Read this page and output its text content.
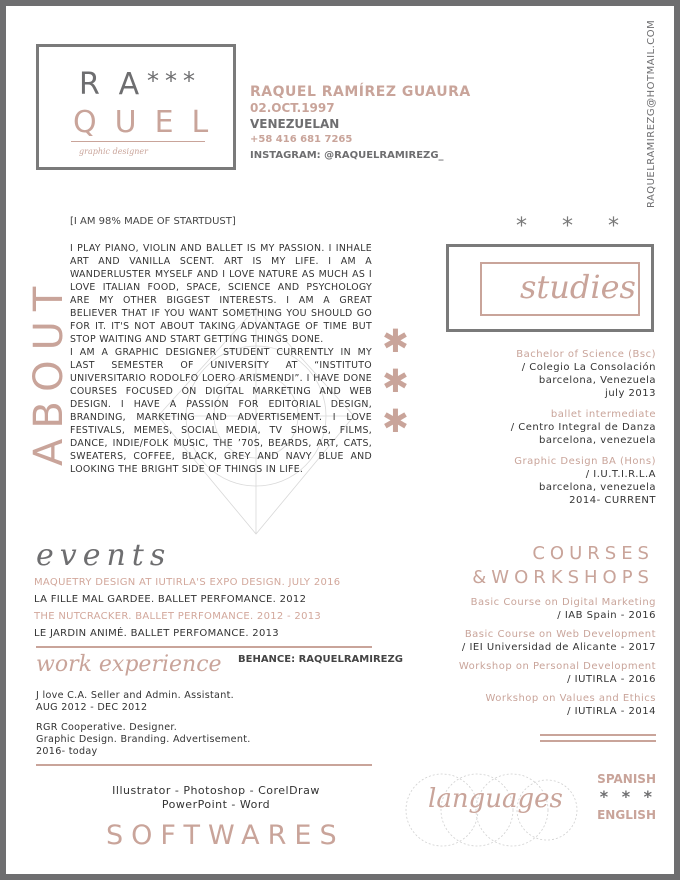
RA
***
QUEL
graphic designer
RAQUEL RAMÍREZ GUAURA
02.OCT.1997
VENEZUELAN
+58 416 681 7265
INSTAGRAM: @RAQUELRAMIREZG_	RAQUELRAMIREZG@HOTMAIL.COM
ABOUT
[I AM 98% MADE OF STARTDUST]
I PLAY PIANO, VIOLIN AND BALLET IS MY PASSION. I INHALE ART AND VANILLA SCENT. ART IS MY LIFE. I AM A WANDERLUSTER MYSELF AND I LOVE NATURE AS MUCH AS I LOVE ITALIAN FOOD, SPACE, SCIENCE AND PSYCHOLOGY ARE MY OTHER BIGGEST INTERESTS. I AM A GREAT BELIEVER THAT IF YOU WANT SOMETHING YOU SHOULD GO FOR IT. IT'S NOT ABOUT TAKING ADVANTAGE OF TIME BUT STOP WAITING AND START GETTING THINGS DONE.
I AM A GRAPHIC DESIGNER STUDENT CURRENTLY IN MY LAST SEMESTER OF UNIVERSITY AT “INSTITUTO UNIVERSITARIO RODOLFO LOERO ARISMENDI”. I HAVE DONE COURSES FOCUSED ON DIGITAL MARKETING AND WEB DESIGN. I HAVE A PASSION FOR EDITORIAL DESIGN, BRANDING, MARKETING AND ADVERTISEMENT. I LOVE FESTIVALS, MEMES, SOCIAL MEDIA, TV SHOWS, FILMS, DANCE, INDIE/FOLK MUSIC, THE ’70S, BEARDS, ART, CATS, SWEATERS, COFFEE, BLACK, GREY AND NAVY BLUE AND LOOKING THE BRIGHT SIDE OF THINGS IN LIFE.
✱
✱
✱
* * *
studies
Bachelor of Science (Bsc)
/ Colegio La Consolación
barcelona, Venezuela
july 2013
ballet intermediate
/ Centro Integral de Danza
barcelona, venezuela
Graphic Design BA (Hons)
/ I.U.T.I.R.L.A
barcelona, venezuela
2014- CURRENT
COURSES
&WORKSHOPS
Basic Course on Digital Marketing
/ IAB Spain - 2016
Basic Course on Web Development
/ IEI Universidad de Alicante - 2017
Workshop on Personal Development
/ IUTIRLA - 2016
Workshop on Values and Ethics
/ IUTIRLA - 2014
events
MAQUETRY DESIGN AT IUTIRLA'S EXPO DESIGN. JULY 2016
LA FILLE MAL GARDEE. BALLET PERFOMANCE. 2012
THE NUTCRACKER. BALLET PERFOMANCE. 2012 - 2013
LE JARDIN ANIMÉ. BALLET PERFOMANCE. 2013
work experience BEHANCE: RAQUELRAMIREZG
J love C.A. Seller and Admin. Assistant.
AUG 2012 - DEC 2012
RGR Cooperative. Designer.
Graphic Design. Branding. Advertisement.
2016- today
Illustrator - Photoshop - CorelDraw
PowerPoint - Word
SOFTWARES
languages
SPANISH
* * *
ENGLISH
